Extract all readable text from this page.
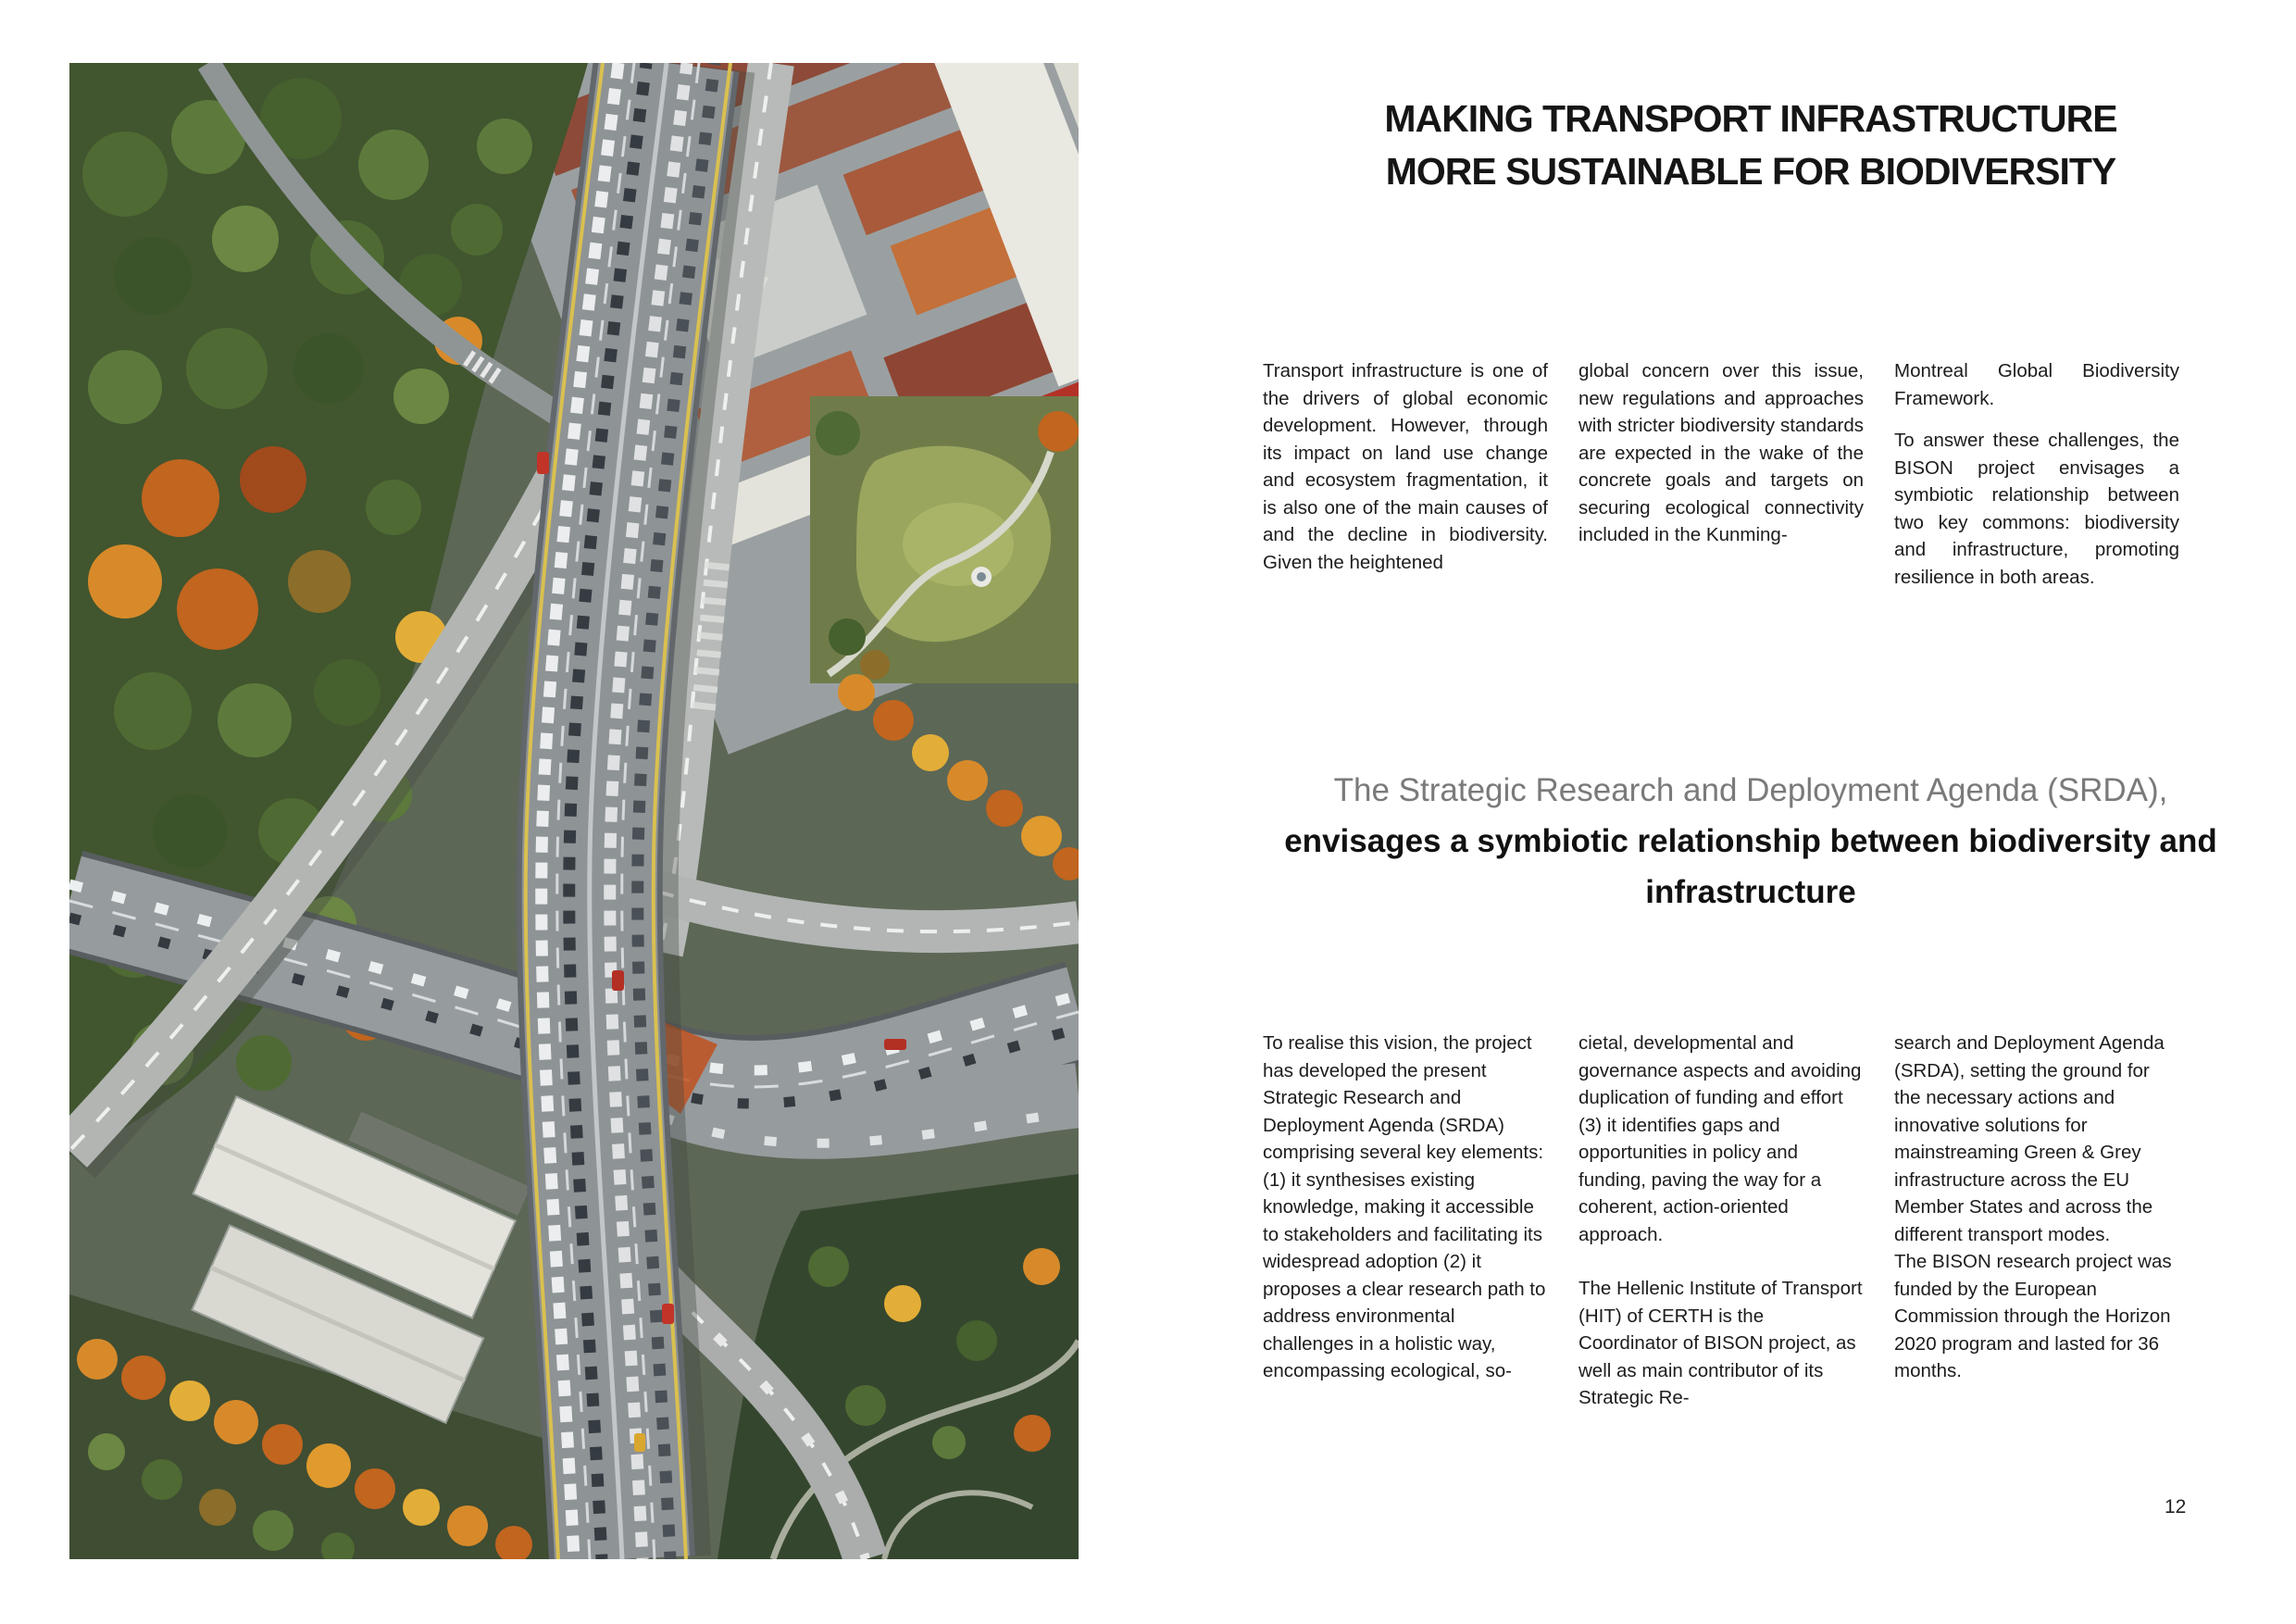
MAKING TRANSPORT INFRASTRUCTURE
MORE SUSTAINABLE FOR BIODIVERSITY

Transport infrastructure is one of the drivers of global economic development. However, through its impact on land use change and ecosystem fragmentation, it is also one of the main causes of and the decline in biodiversity. Given the heightened

global concern over this issue, new regulations and approaches with stricter biodiversity standards are expected in the wake of the concrete goals and targets on securing ecological connectivity included in the Kunming-

Montreal Global Biodiversity Framework.

To answer these challenges, the BISON project envisages a symbiotic relationship between two key commons: biodiversity and infrastructure, promoting resilience in both areas.

The Strategic Research and Deployment Agenda (SRDA), envisages a symbiotic relationship between biodiversity and infrastructure

To realise this vision, the project has developed the present Strategic Research and Deployment Agenda (SRDA) comprising several key elements: (1) it synthesises existing knowledge, making it accessible to stakeholders and facilitating its widespread adoption (2) it proposes a clear research path to address environmental challenges in a holistic way, encompassing ecological, so-

cietal, developmental and governance aspects and avoiding duplication of funding and effort (3) it identifies gaps and opportunities in policy and funding, paving the way for a coherent, action-oriented approach.

The Hellenic Institute of Transport (HIT) of CERTH is the Coordinator of BISON project, as well as main contributor of its Strategic Re-

search and Deployment Agenda (SRDA), setting the ground for the necessary actions and innovative solutions for mainstreaming Green & Grey infrastructure across the EU Member States and across the different transport modes.

The BISON research project was funded by the European Commission through the Horizon 2020 program and lasted for 36 months.

12
